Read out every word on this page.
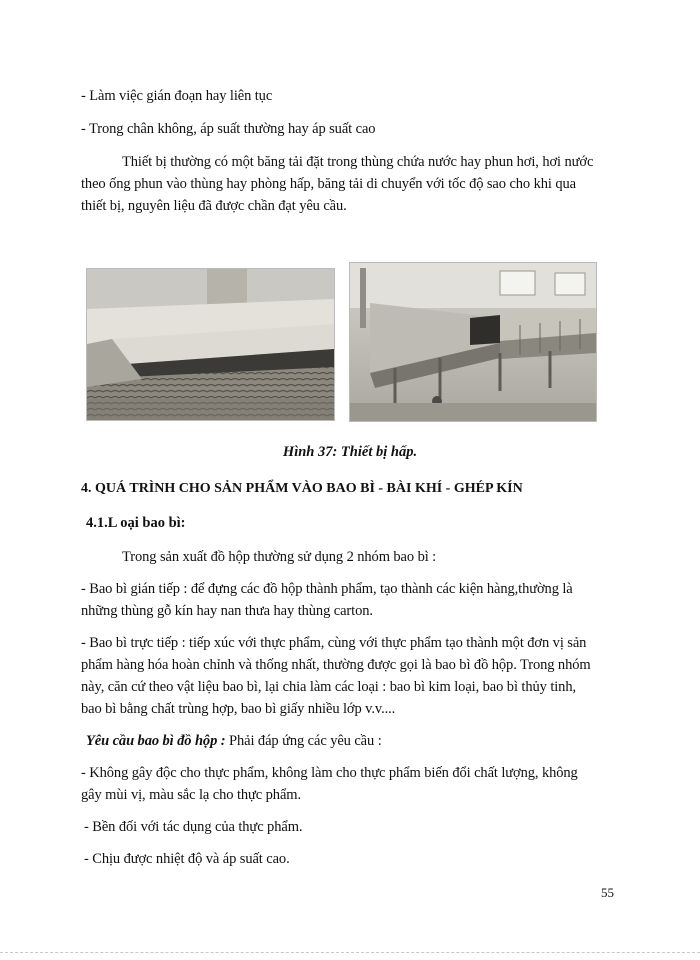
- Làm việc gián đoạn hay liên tục
- Trong chân không, áp suất thường hay áp suất cao
Thiết bị thường có một băng tải đặt trong thùng chứa nước hay phun hơi, hơi nước
theo ống phun vào thùng hay phòng hấp, băng tải di chuyển với tốc độ sao cho khi qua
thiết bị, nguyên liệu đã được chần đạt yêu cầu.
Hình 37: Thiết bị hấp.
4. QUÁ TRÌNH CHO SẢN PHẨM VÀO BAO BÌ - BÀI KHÍ - GHÉP KÍN
4.1.L oại bao bì:
Trong sản xuất đồ hộp thường sử dụng 2 nhóm bao bì :
- Bao bì gián tiếp : để đựng các đồ hộp thành phẩm, tạo thành các kiện hàng,thường là
những thùng gỗ kín hay nan thưa hay thùng carton.
- Bao bì trực tiếp : tiếp xúc với thực phẩm, cùng với thực phẩm tạo thành một đơn vị sản
phẩm hàng hóa hoàn chỉnh và thống nhất, thường được gọi là bao bì đồ hộp. Trong nhóm
này, căn cứ theo vật liệu bao bì, lại chia làm các loại : bao bì kim loại, bao bì thủy tinh,
bao bì bằng chất trùng hợp, bao bì giấy nhiều lớp v.v....
Yêu cầu bao bì đồ hộp : Phải đáp ứng các yêu cầu :
- Không gây độc cho thực phẩm, không làm cho thực phẩm biến đổi chất lượng, không
gây mùi vị, màu sắc lạ cho thực phẩm.
- Bền đối với tác dụng của thực phẩm.
- Chịu được nhiệt độ và áp suất cao.
55
